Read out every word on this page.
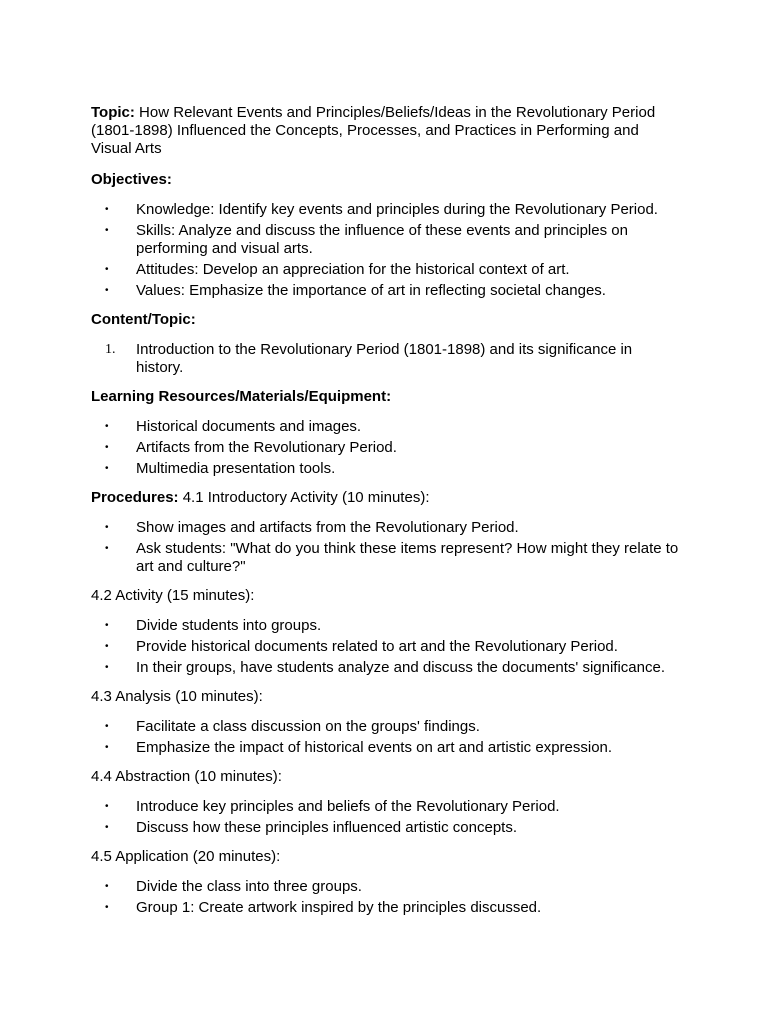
Topic: How Relevant Events and Principles/Beliefs/Ideas in the Revolutionary Period (1801-1898) Influenced the Concepts, Processes, and Practices in Performing and Visual Arts

Objectives:

• Knowledge: Identify key events and principles during the Revolutionary Period.
• Skills: Analyze and discuss the influence of these events and principles on performing and visual arts.
• Attitudes: Develop an appreciation for the historical context of art.
• Values: Emphasize the importance of art in reflecting societal changes.

Content/Topic:

1. Introduction to the Revolutionary Period (1801-1898) and its significance in history.

Learning Resources/Materials/Equipment:

• Historical documents and images.
• Artifacts from the Revolutionary Period.
• Multimedia presentation tools.

Procedures: 4.1 Introductory Activity (10 minutes):

• Show images and artifacts from the Revolutionary Period.
• Ask students: "What do you think these items represent? How might they relate to art and culture?"

4.2 Activity (15 minutes):

• Divide students into groups.
• Provide historical documents related to art and the Revolutionary Period.
• In their groups, have students analyze and discuss the documents' significance.

4.3 Analysis (10 minutes):

• Facilitate a class discussion on the groups' findings.
• Emphasize the impact of historical events on art and artistic expression.

4.4 Abstraction (10 minutes):

• Introduce key principles and beliefs of the Revolutionary Period.
• Discuss how these principles influenced artistic concepts.

4.5 Application (20 minutes):

• Divide the class into three groups.
• Group 1: Create artwork inspired by the principles discussed.
